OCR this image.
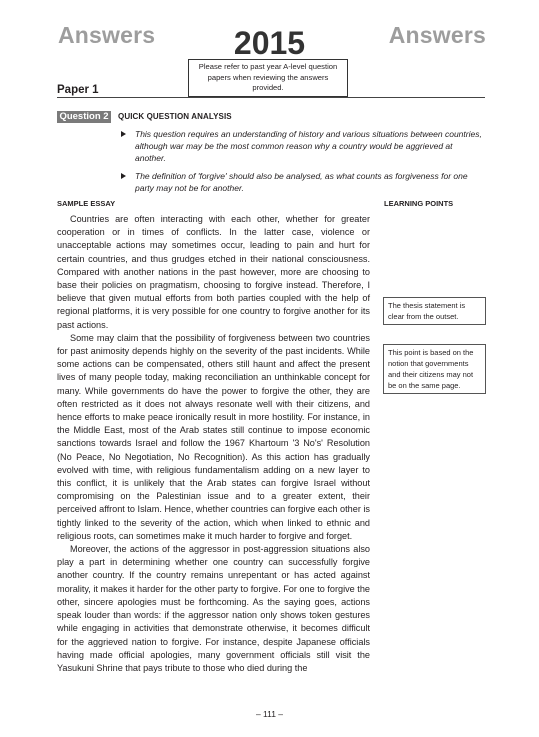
Answers	Answers
2015
Please refer to past year A-level question papers when reviewing the answers provided.
Paper 1
Question 2	QUICK QUESTION ANALYSIS
This question requires an understanding of history and various situations between countries, although war may be the most common reason why a country would be aggrieved at another.
The definition of 'forgive' should also be analysed, as what counts as forgiveness for one party may not be for another.
SAMPLE ESSAY	LEARNING POINTS

Countries are often interacting with each other, whether for greater cooperation or in times of conflicts. In the latter case, violence or unacceptable actions may sometimes occur, leading to pain and hurt for certain countries, and thus grudges etched in their national consciousness. Compared with another nations in the past however, more are choosing to base their policies on pragmatism, choosing to forgive instead. Therefore, I believe that given mutual efforts from both parties coupled with the help of regional platforms, it is very possible for one country to forgive another for its past actions.

Some may claim that the possibility of forgiveness between two countries for past animosity depends highly on the severity of the past incidents. While some actions can be compensated, others still haunt and affect the present lives of many people today, making reconciliation an unthinkable concept for many. While governments do have the power to forgive the other, they are often restricted as it does not always resonate well with their citizens, and hence efforts to make peace ironically result in more hostility. For instance, in the Middle East, most of the Arab states still continue to impose economic sanctions towards Israel and follow the 1967 Khartoum '3 No's' Resolution (No Peace, No Negotiation, No Recognition). As this action has gradually evolved with time, with religious fundamentalism adding on a new layer to this conflict, it is unlikely that the Arab states can forgive Israel without compromising on the Palestinian issue and to a greater extent, their perceived affront to Islam. Hence, whether countries can forgive each other is tightly linked to the severity of the action, which when linked to ethnic and religious roots, can sometimes make it much harder to forgive and forget.

Moreover, the actions of the aggressor in post-aggression situations also play a part in determining whether one country can successfully forgive another country. If the country remains unrepentant or has acted against morality, it makes it harder for the other party to forgive. For one to forgive the other, sincere apologies must be forthcoming. As the saying goes, actions speak louder than words: if the aggressor nation only shows token gestures while engaging in activities that demonstrate otherwise, it becomes difficult for the aggrieved nation to forgive. For instance, despite Japanese officials having made official apologies, many government officials still visit the Yasukuni Shrine that pays tribute to those who died during the

The thesis statement is clear from the outset.
This point is based on the notion that governments and their citizens may not be on the same page.
– 111 –
